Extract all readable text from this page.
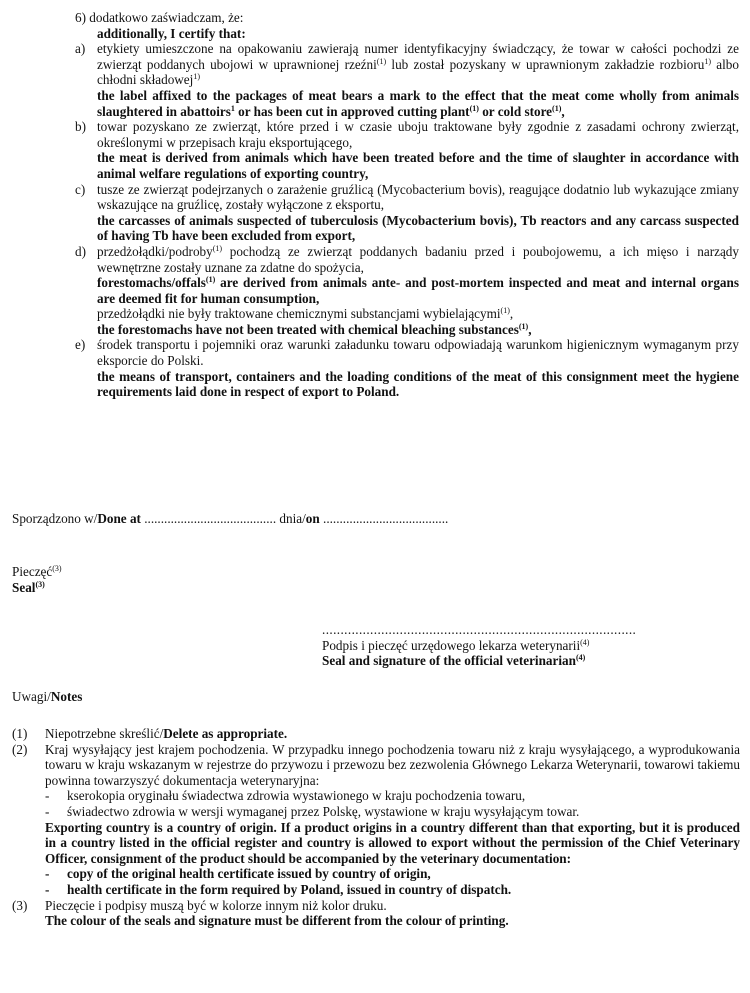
6) dodatkowo zaświadczam, że:
additionally, I certify that:
a) etykiety umieszczone na opakowaniu zawierają numer identyfikacyjny świadczący, że towar w całości pochodzi ze zwierząt poddanych ubojowi w uprawnionej rzeźni$^{(1)}$ lub został pozyskany w uprawnionym zakładzie rozbioru$^{1)}$ albo chłodni składowej$^{1)}$
the label affixed to the packages of meat bears a mark to the effect that the meat come wholly from animals slaughtered in abattoirs$^1$ or has been cut in approved cutting plant$^{(1)}$ or cold store$^{(1)}$,
b) towar pozyskano ze zwierząt, które przed i w czasie uboju traktowane były zgodnie z zasadami ochrony zwierząt, określonymi w przepisach kraju eksportującego,
the meat is derived from animals which have been treated before and the time of slaughter in accordance with animal welfare regulations of exporting country,
c) tusze ze zwierząt podejrzanych o zarażenie gruźlicą (Mycobacterium bovis), reagujące dodatnio lub wykazujące zmiany wskazujące na gruźlicę, zostały wyłączone z eksportu,
the carcasses of animals suspected of tuberculosis (Mycobacterium bovis), Tb reactors and any carcass suspected of having Tb have been excluded from export,
d) przedżołądki/podroby$^{(1)}$ pochodzą ze zwierząt poddanych badaniu przed i poubojowemu, a ich mięso i narządy wewnętrzne zostały uznane za zdatne do spożycia,
forestomachs/offals$^{(1)}$ are derived from animals ante- and post-mortem inspected and meat and internal organs are deemed fit for human consumption,
przedżołądki nie były traktowane chemicznymi substancjami wybielającymi$^{(1)}$,
the forestomachs have not been treated with chemical bleaching substances$^{(1)}$,
e) środek transportu i pojemniki oraz warunki załadunku towaru odpowiadają warunkom higienicznym wymaganym przy eksporcie do Polski.
the means of transport, containers and the loading conditions of the meat of this consignment meet the hygiene requirements laid done in respect of export to Poland.
Sporządzono w/Done at ........................................ dnia/on ......................................
Pieczęć$^{(3)}$
Seal$^{(3)}$
.....................................................................................
Podpis i pieczęć urzędowego lekarza weterynarii$^{(4)}$
Seal and signature of the official veterinarian$^{(4)}$
Uwagi/Notes
(1) Niepotrzebne skreślić/Delete as appropriate.
(2) Kraj wysyłający jest krajem pochodzenia. W przypadku innego pochodzenia towaru niż z kraju wysyłającego, a wyprodukowania towaru w kraju wskazanym w rejestrze do przywozu i przewozu bez zezwolenia Głównego Lekarza Weterynarii, towarowi takiemu powinna towarzyszyć dokumentacja weterynaryjna:
- kserokopia oryginału świadectwa zdrowia wystawionego w kraju pochodzenia towaru,
- świadectwo zdrowia w wersji wymaganej przez Polskę, wystawione w kraju wysyłającym towar.
Exporting country is a country of origin. If a product origins in a country different than that exporting, but it is produced in a country listed in the official register and country is allowed to export without the permission of the Chief Veterinary Officer, consignment of the product should be accompanied by the veterinary documentation:
- copy of the original health certificate issued by country of origin,
- health certificate in the form required by Poland, issued in country of dispatch.
(3) Pieczęcie i podpisy muszą być w kolorze innym niż kolor druku.
The colour of the seals and signature must be different from the colour of printing.
